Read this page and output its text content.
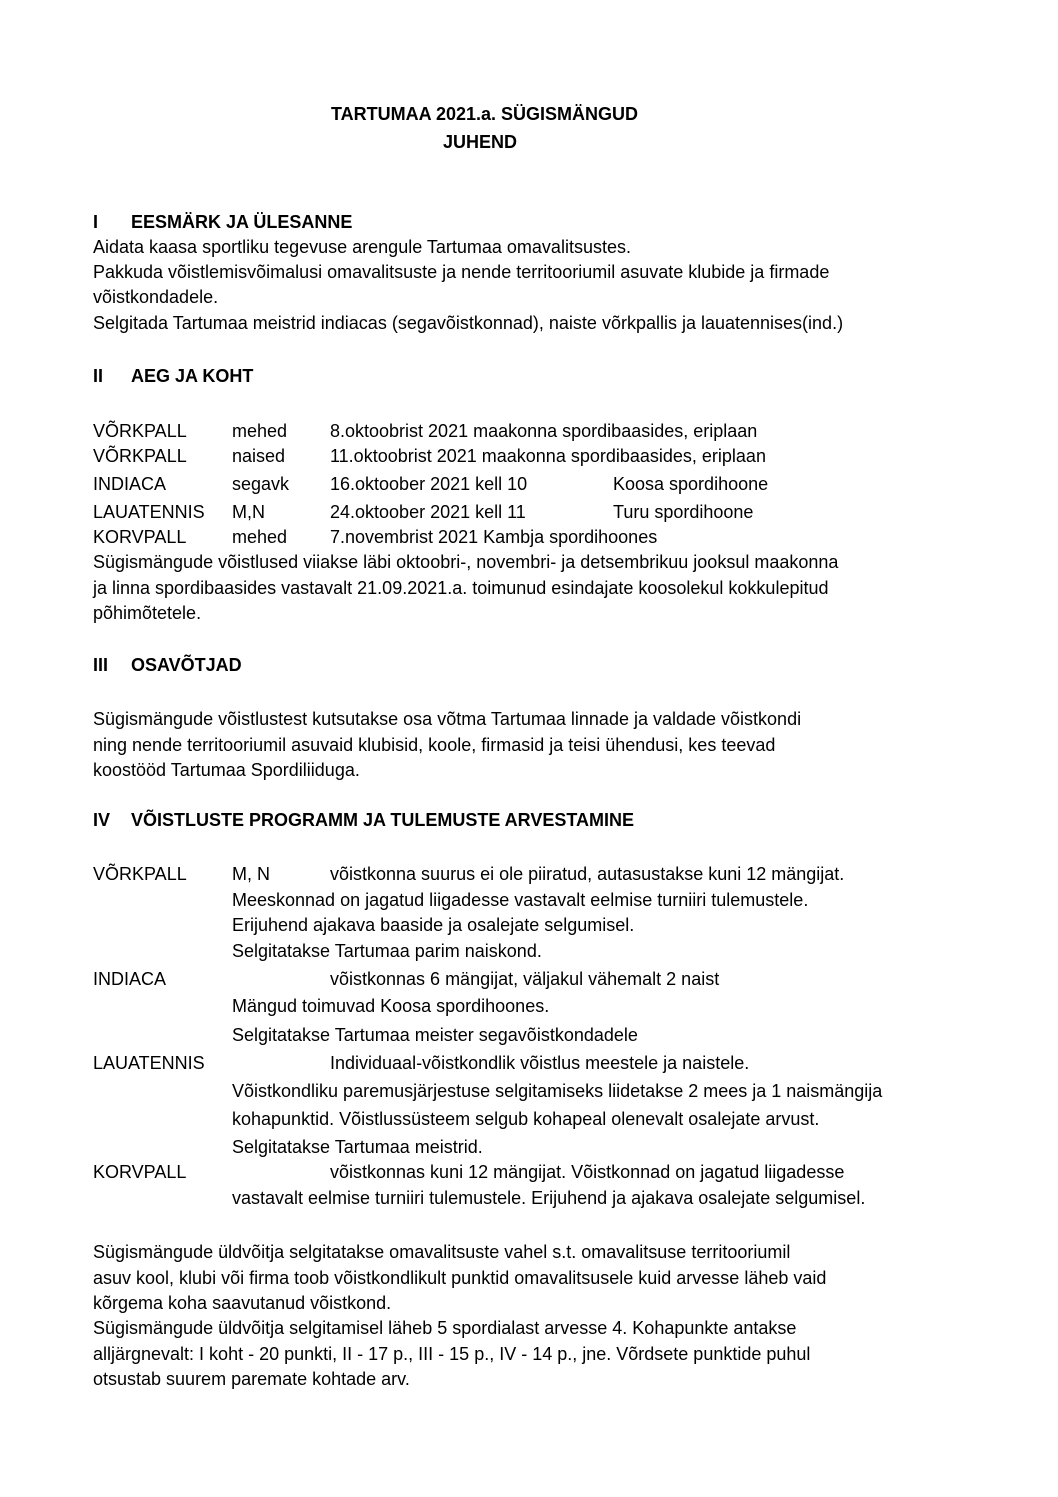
TARTUMAA 2021.a. SÜGISMÄNGUD
JUHEND
I EESMÄRK JA ÜLESANNE
Aidata kaasa sportliku tegevuse arengule Tartumaa omavalitsustes.
Pakkuda võistlemisvõimalusi omavalitsuste ja nende territooriumil asuvate klubide ja firmade
võistkondadele.
Selgitada Tartumaa meistrid indiacas (segavõistkonnad), naiste võrkpallis ja lauatennises(ind.)
II AEG JA KOHT
VÕRKPALL	mehed 8.oktoobrist 2021 maakonna spordibaasides, eriplaan
VÕRKPALL	naised 11.oktoobrist 2021 maakonna spordibaasides, eriplaan
INDIACA	segavk 16.oktoober 2021 kell 10	Koosa spordihoone
LAUATENNIS M,N	24.oktoober 2021 kell 11	Turu spordihoone
KORVPALL	mehed 7.novembrist 2021 Kambja spordihoones
Sügismängude võistlused viiakse läbi oktoobri-, novembri- ja detsembrikuu jooksul maakonna
ja linna spordibaasides vastavalt 21.09.2021.a. toimunud esindajate koosolekul kokkulepitud
põhimõtetele.
III OSAVÕTJAD
Sügismängude võistlustest kutsutakse osa võtma Tartumaa linnade ja valdade võistkondi
ning nende territooriumil asuvaid klubisid, koole, firmasid ja teisi ühendusi, kes teevad
koostööd Tartumaa Spordiliiduga.
IV VÕISTLUSTE PROGRAMM JA TULEMUSTE ARVESTAMINE
VÕRKPALL	M, N	võistkonna suurus ei ole piiratud, autasustakse kuni 12 mängijat.
Meeskonnad on jagatud liigadesse vastavalt eelmise turniiri tulemustele.
Erijuhend ajakava baaside ja osalejate selgumisel.
Selgitatakse Tartumaa parim naiskond.
INDIACA	võistkonnas 6 mängijat, väljakul vähemalt 2 naist
Mängud toimuvad Koosa spordihoones.
Selgitatakse Tartumaa meister segavõistkondadele
LAUATENNIS	Individuaal-võistkondlik võistlus meestele ja naistele.
Võistkondliku paremusjärjestuse selgitamiseks liidetakse 2 mees ja 1 naismängija
kohapunktid. Võistlussüsteem selgub kohapeal olenevalt osalejate arvust.
Selgitatakse Tartumaa meistrid.
KORVPALL	võistkonnas kuni 12 mängijat. Võistkonnad on jagatud liigadesse
vastavalt eelmise turniiri tulemustele. Erijuhend ja ajakava osalejate selgumisel.
Sügismängude üldvõitja selgitatakse omavalitsuste vahel s.t. omavalitsuse territooriumil
asuv kool, klubi või firma toob võistkondlikult punktid omavalitsusele kuid arvesse läheb vaid
kõrgema koha saavutanud võistkond.
Sügismängude üldvõitja selgitamisel läheb 5 spordialast arvesse 4. Kohapunkte antakse
alljärgnevalt: I koht - 20 punkti, II - 17 p., III - 15 p., IV - 14 p., jne. Võrdsete punktide puhul
otsustab suurem paremate kohtade arv.
